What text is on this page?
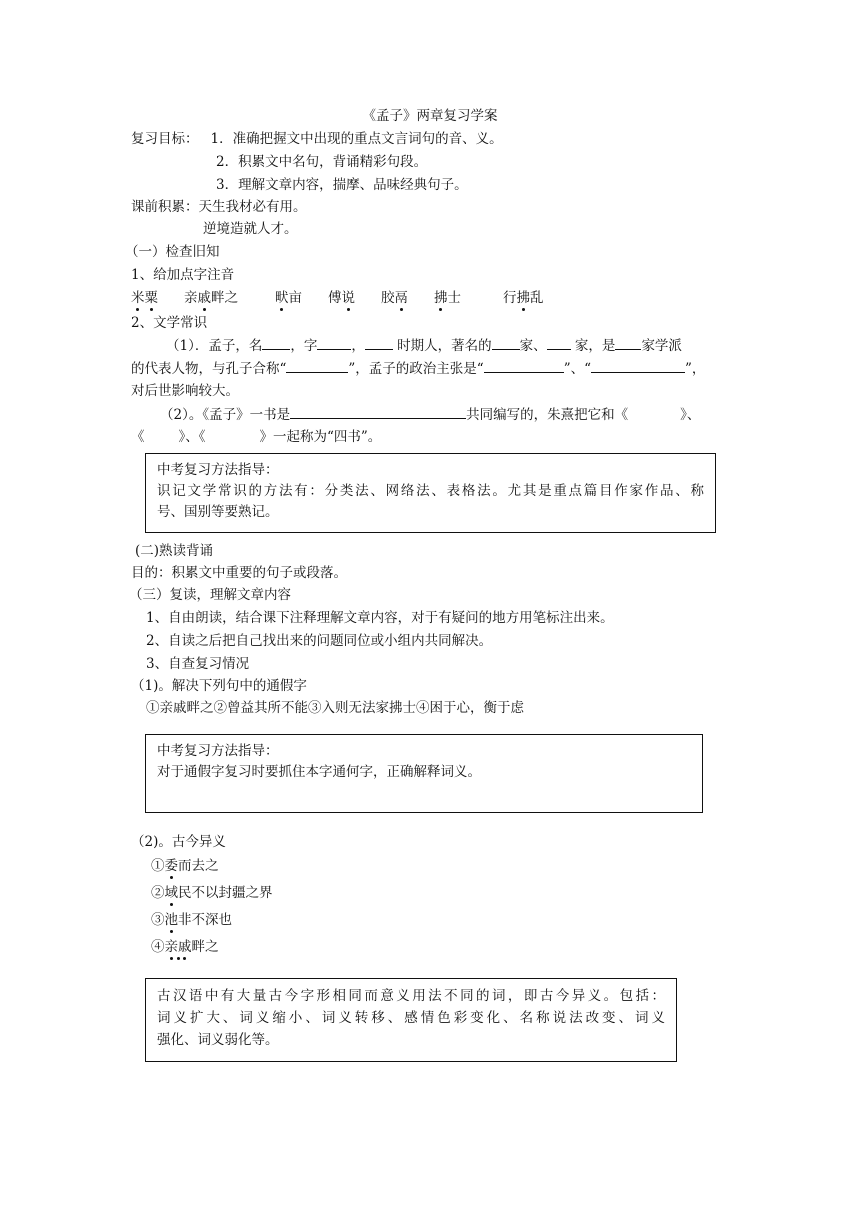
《孟子》两章复习学案
复习目标： 1．准确把握文中出现的重点文言词句的音、义。
2．积累文中名句，背诵精彩句段。
3．理解文章内容，揣摩、品味经典句子。
课前积累：天生我材必有用。
逆境造就人才。
（一）检查旧知
1、给加点字注音
米粟 亲戚畔之	畎亩 傅说 胶鬲 拂士	行拂乱
2、文学常识
（1）．孟子，名 ，字	， 时期人，著名的 家、 家，是 家学派
的代表人物，与孔子合称“	”，孟子的政治主张是“	”、“	”，
对后世影响较大。
（2）。《孟子》一书是	共同编写的，朱熹把它和《	》、
《	》、《	》一起称为“四书”。
中考复习方法指导：
识记文学常识的方法有：分类法、网络法、表格法。尤其是重点篇目作家作品、称
号、国别等要熟记。
(二)熟读背诵
目的：积累文中重要的句子或段落。
（三）复读，理解文章内容
1、自由朗读，结合课下注释理解文章内容，对于有疑问的地方用笔标注出来。
2、自读之后把自己找出来的问题同位或小组内共同解决。
3、自查复习情况
（1)。解决下列句中的通假字
①亲戚畔之②曾益其所不能③入则无法家拂士④困于心，衡于虑
中考复习方法指导：
对于通假字复习时要抓住本字通何字，正确解释词义。
（2)。古今异义
①委而去之
②域民不以封疆之界
③池非不深也
④亲戚畔之
古汉语中有大量古今字形相同而意义用法不同的词，即古今异义。包括：
词义扩大、词义缩小、词义转移、感情色彩变化、名称说法改变、词义
强化、词义弱化等。
